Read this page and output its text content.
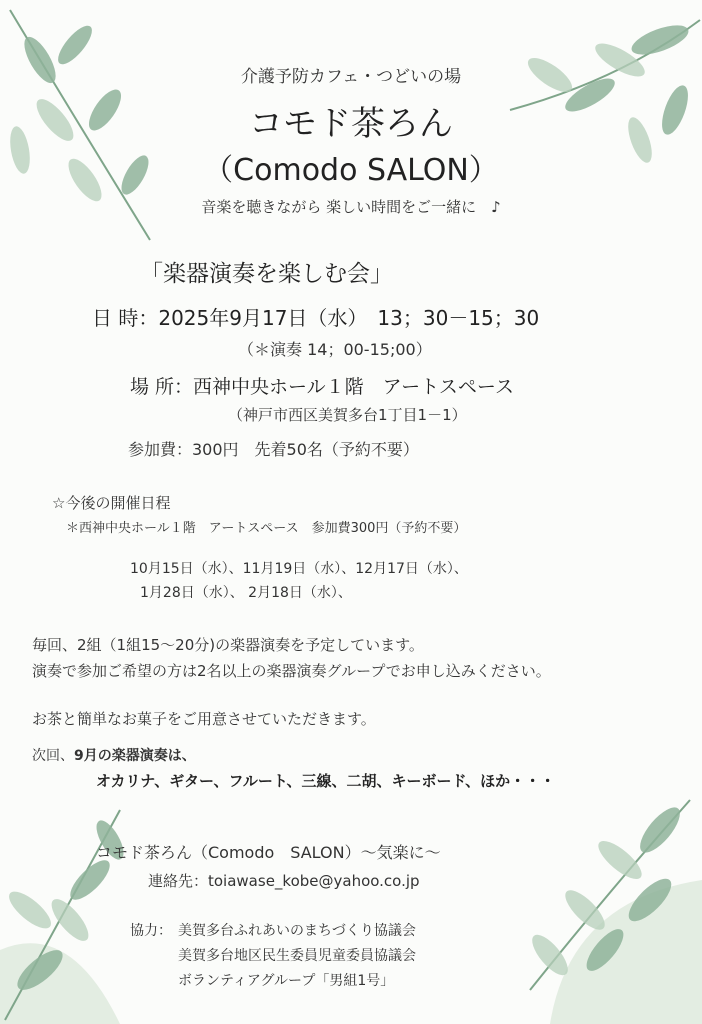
介護予防カフェ・つどいの場
コモド茶ろん
（Comodo SALON）
音楽を聴きながら 楽しい時間をご一緒に　♪
「楽器演奏を楽しむ会」
日 時：2025年9月17日（水）　13；30－15；30
（＊演奏 14；00-15;00）
場 所：西神中央ホール１階　アートスペース
（神戸市西区美賀多台1丁目1－1）
参加費：300円　先着50名（予約不要）
☆今後の開催日程
＊西神中央ホール１階　アートスペース　参加費300円（予約不要）
10月15日（水）、11月19日（水）、12月17日（水）、
1月28日（水）、 2月18日（水）、
毎回、2組（1組15～20分)の楽器演奏を予定しています。
演奏で参加ご希望の方は2名以上の楽器演奏グループでお申し込みください。
お茶と簡単なお菓子をご用意させていただきます。
次回、9月の楽器演奏は、
オカリナ、ギター、フルート、三線、二胡、キーボード、ほか・・・
コモド茶ろん（Comodo　SALON）～気楽に～
連絡先：toiawase_kobe@yahoo.co.jp
協力： 美賀多台ふれあいのまちづくり協議会
美賀多台地区民生委員児童委員協議会
ボランティアグループ「男組1号」
